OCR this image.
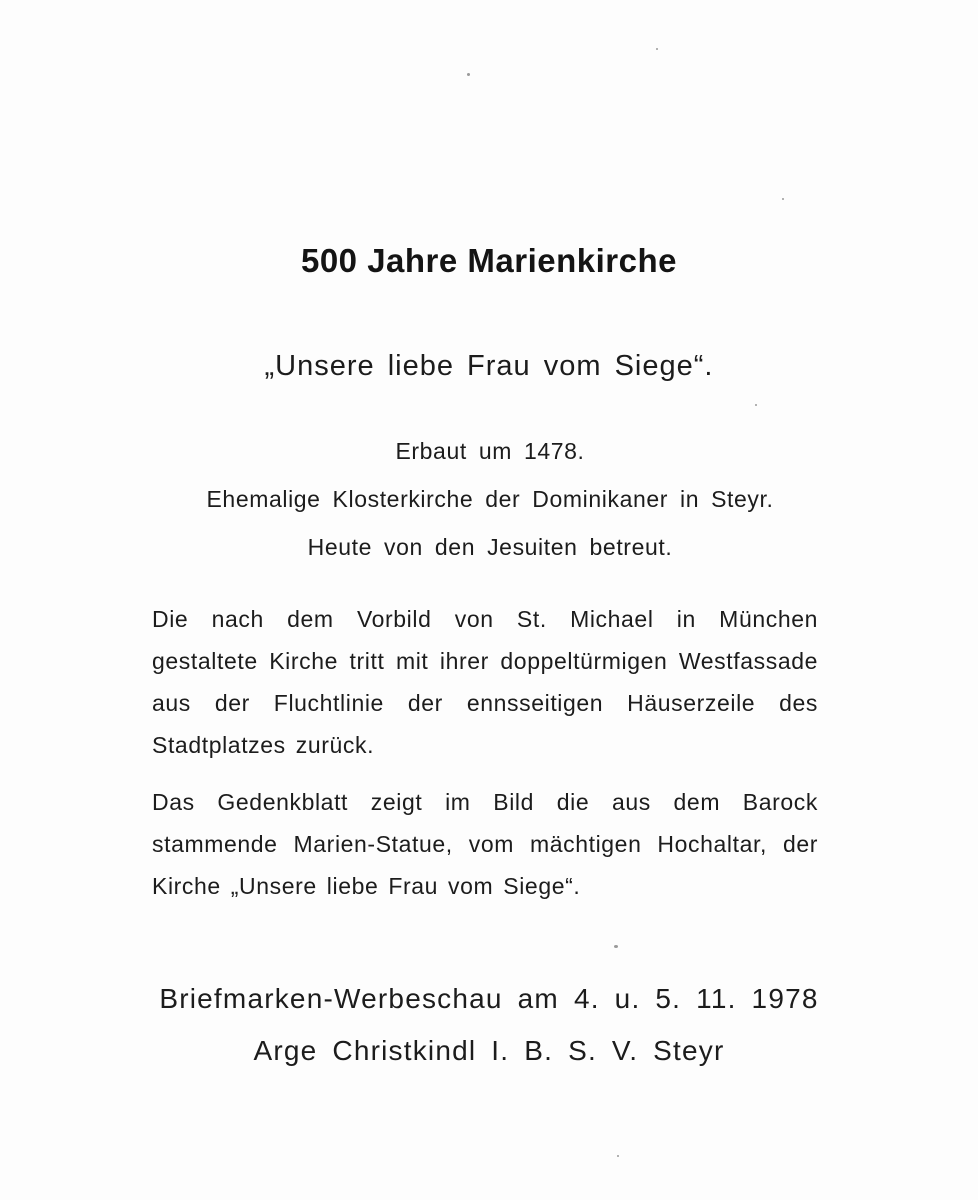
500 Jahre Marienkirche
„Unsere liebe Frau vom Siege“.
Erbaut um 1478.
Ehemalige Klosterkirche der Dominikaner in Steyr.
Heute von den Jesuiten betreut.
Die nach dem Vorbild von St. Michael in München gestaltete Kirche tritt mit ihrer doppeltürmigen Westfassade aus der Fluchtlinie der ennsseitigen Häuserzeile des Stadtplatzes zurück.
Das Gedenkblatt zeigt im Bild die aus dem Barock stammende Marien-Statue, vom mächtigen Hochaltar, der Kirche „Unsere liebe Frau vom Siege“.
Briefmarken-Werbeschau am 4. u. 5. 11. 1978
Arge Christkindl I. B. S. V. Steyr
